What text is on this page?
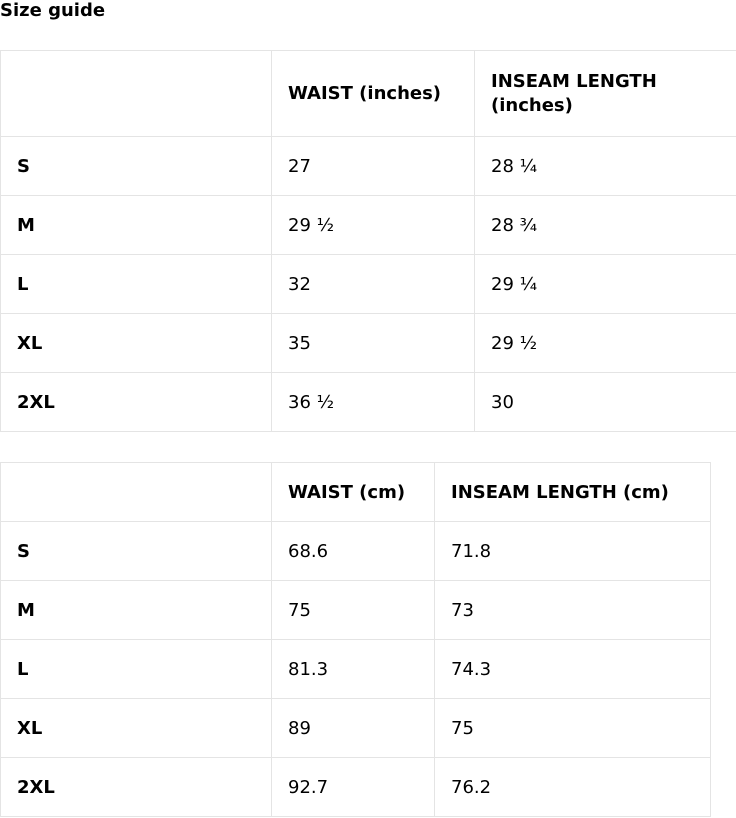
Size guide
	WAIST (inches)	INSEAM LENGTH (inches)
S	27	28 ¼
M	29 ½	28 ¾
L	32	29 ¼
XL	35	29 ½
2XL	36 ½	30
	WAIST (cm)	INSEAM LENGTH (cm)
S	68.6	71.8
M	75	73
L	81.3	74.3
XL	89	75
2XL	92.7	76.2
